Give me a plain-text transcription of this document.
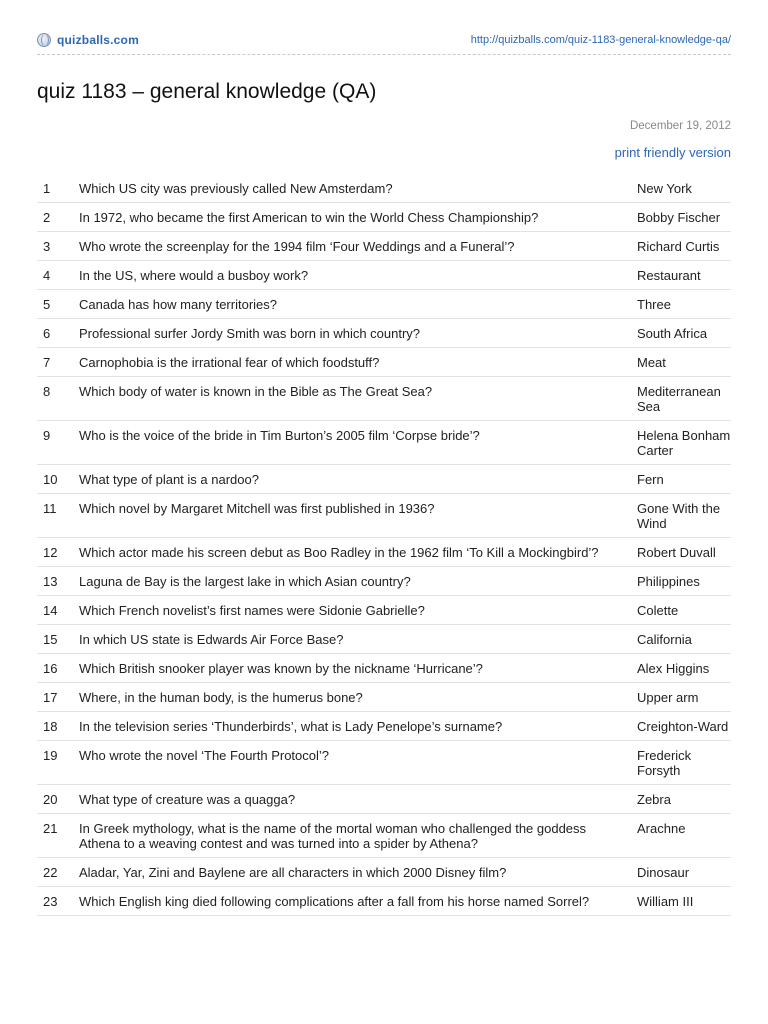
quizballs.com	http://quizballs.com/quiz-1183-general-knowledge-qa/
quiz 1183 – general knowledge (QA)
December 19, 2012
print friendly version
1	Which US city was previously called New Amsterdam?	New York
2	In 1972, who became the first American to win the World Chess Championship?	Bobby Fischer
3	Who wrote the screenplay for the 1994 film ‘Four Weddings and a Funeral’?	Richard Curtis
4	In the US, where would a busboy work?	Restaurant
5	Canada has how many territories?	Three
6	Professional surfer Jordy Smith was born in which country?	South Africa
7	Carnophobia is the irrational fear of which foodstuff?	Meat
8	Which body of water is known in the Bible as The Great Sea?	Mediterranean Sea
9	Who is the voice of the bride in Tim Burton’s 2005 film ‘Corpse bride’?	Helena Bonham Carter
10	What type of plant is a nardoo?	Fern
11	Which novel by Margaret Mitchell was first published in 1936?	Gone With the Wind
12	Which actor made his screen debut as Boo Radley in the 1962 film ‘To Kill a Mockingbird’?	Robert Duvall
13	Laguna de Bay is the largest lake in which Asian country?	Philippines
14	Which French novelist’s first names were Sidonie Gabrielle?	Colette
15	In which US state is Edwards Air Force Base?	California
16	Which British snooker player was known by the nickname ‘Hurricane’?	Alex Higgins
17	Where, in the human body, is the humerus bone?	Upper arm
18	In the television series ‘Thunderbirds’, what is Lady Penelope’s surname?	Creighton-Ward
19	Who wrote the novel ‘The Fourth Protocol’?	Frederick Forsyth
20	What type of creature was a quagga?	Zebra
21	In Greek mythology, what is the name of the mortal woman who challenged the goddess Athena to a weaving contest and was turned into a spider by Athena?	Arachne
22	Aladar, Yar, Zini and Baylene are all characters in which 2000 Disney film?	Dinosaur
23	Which English king died following complications after a fall from his horse named Sorrel?	William III
